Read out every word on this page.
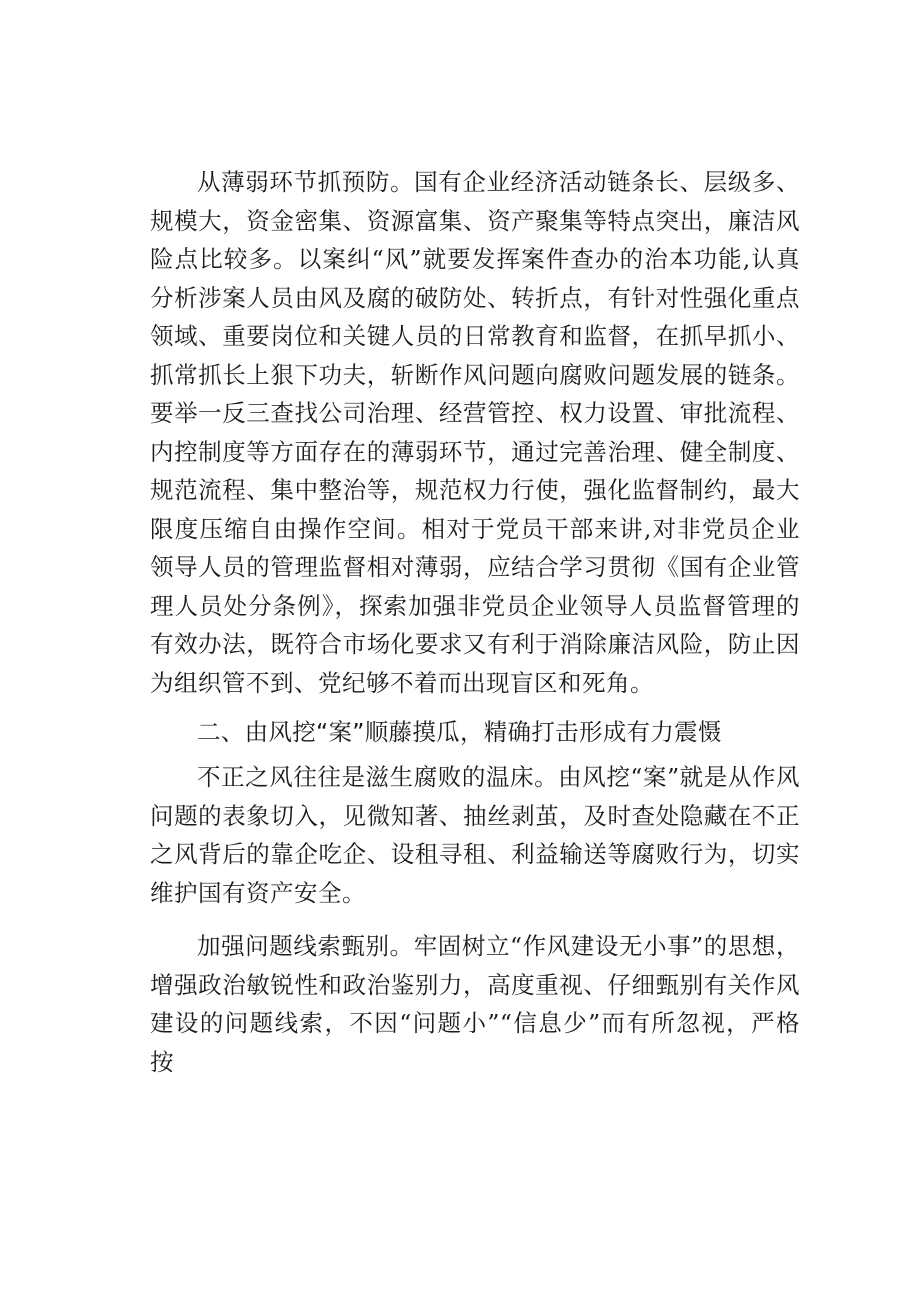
从薄弱环节抓预防。国有企业经济活动链条长、层级多、规模大，资金密集、资源富集、资产聚集等特点突出，廉洁风险点比较多。以案纠“风”就要发挥案件查办的治本功能,认真分析涉案人员由风及腐的破防处、转折点，有针对性强化重点领域、重要岗位和关键人员的日常教育和监督，在抓早抓小、抓常抓长上狠下功夫，斩断作风问题向腐败问题发展的链条。要举一反三查找公司治理、经营管控、权力设置、审批流程、内控制度等方面存在的薄弱环节，通过完善治理、健全制度、规范流程、集中整治等，规范权力行使，强化监督制约，最大限度压缩自由操作空间。相对于党员干部来讲,对非党员企业领导人员的管理监督相对薄弱，应结合学习贯彻《国有企业管理人员处分条例》，探索加强非党员企业领导人员监督管理的有效办法，既符合市场化要求又有利于消除廉洁风险，防止因为组织管不到、党纪够不着而出现盲区和死角。

二、由风挖“案”顺藤摸瓜，精确打击形成有力震慑

不正之风往往是滋生腐败的温床。由风挖“案”就是从作风问题的表象切入，见微知著、抽丝剥茧，及时查处隐藏在不正之风背后的靠企吃企、设租寻租、利益输送等腐败行为，切实维护国有资产安全。

加强问题线索甄别。牢固树立“作风建设无小事”的思想，增强政治敏锐性和政治鉴别力，高度重视、仔细甄别有关作风建设的问题线索，不因“问题小”“信息少”而有所忽视，严格按
